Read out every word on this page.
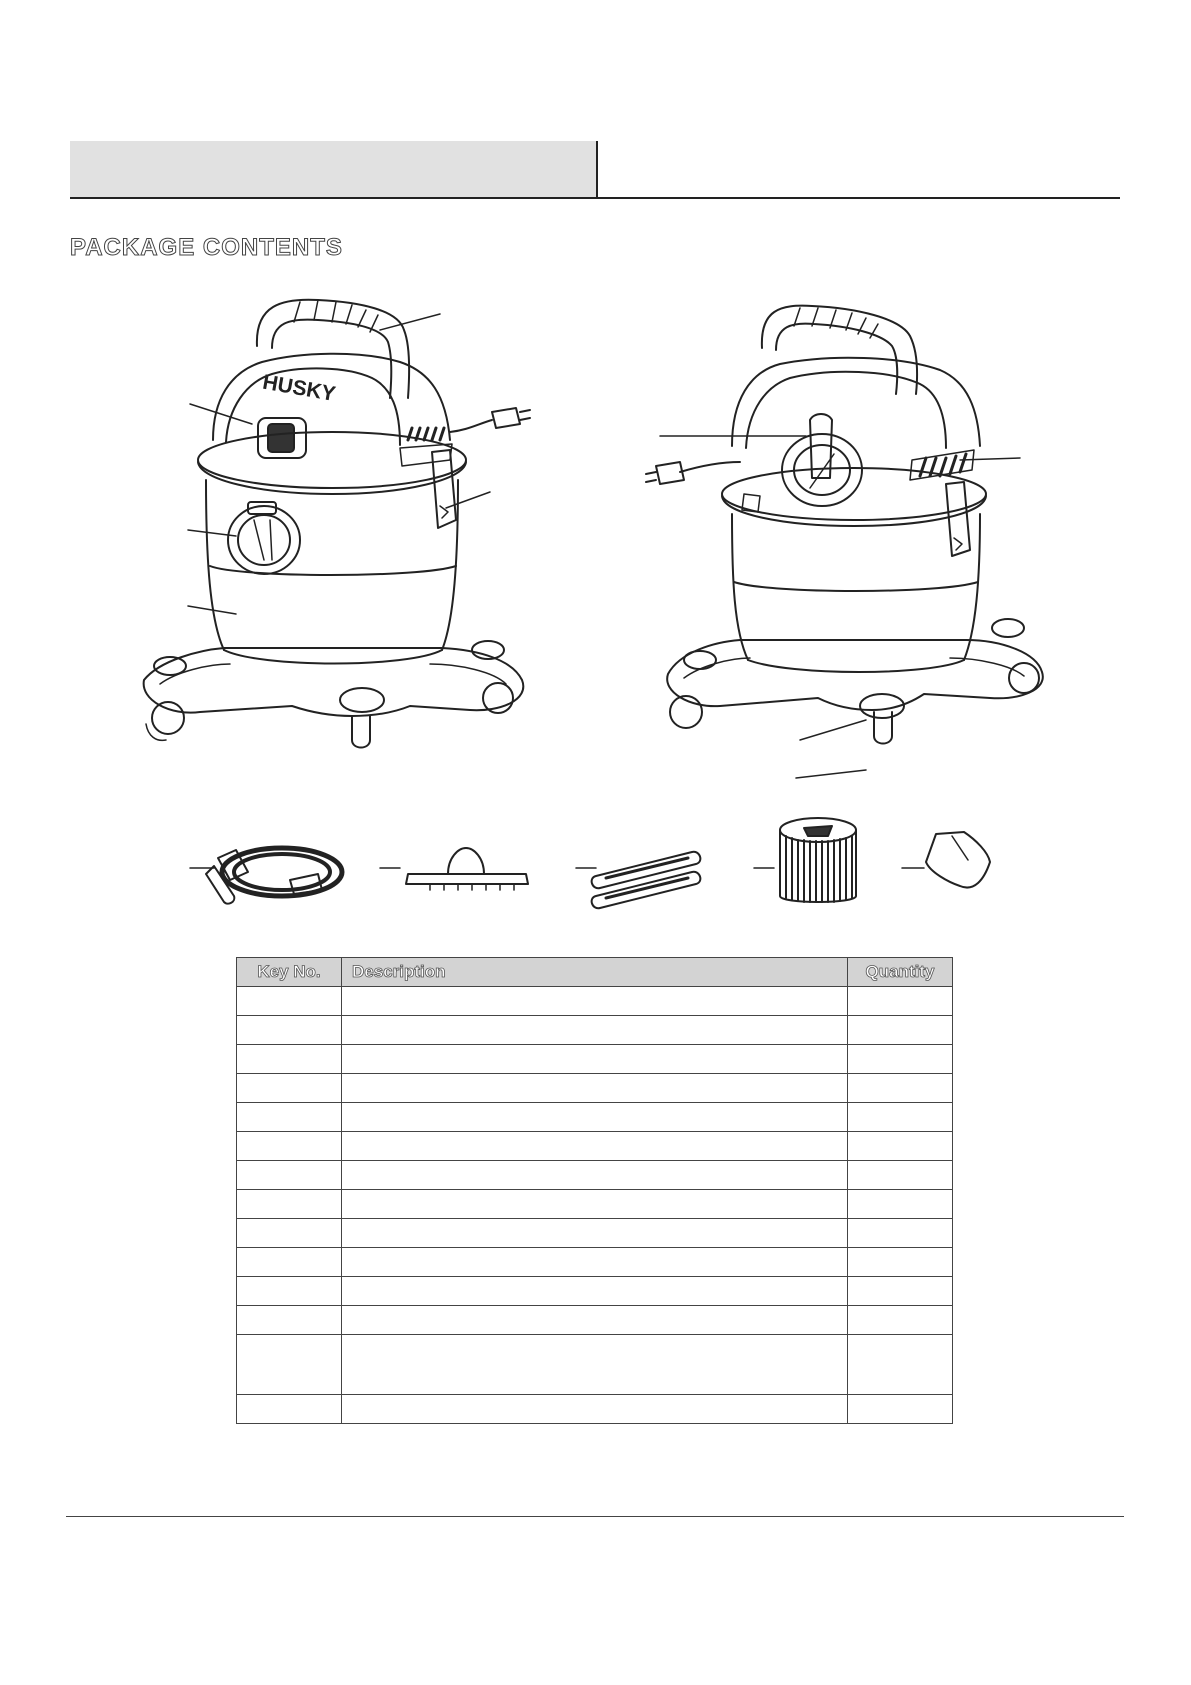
PACKAGE CONTENTS
HUSKY
Key No.	Description	Quantity
